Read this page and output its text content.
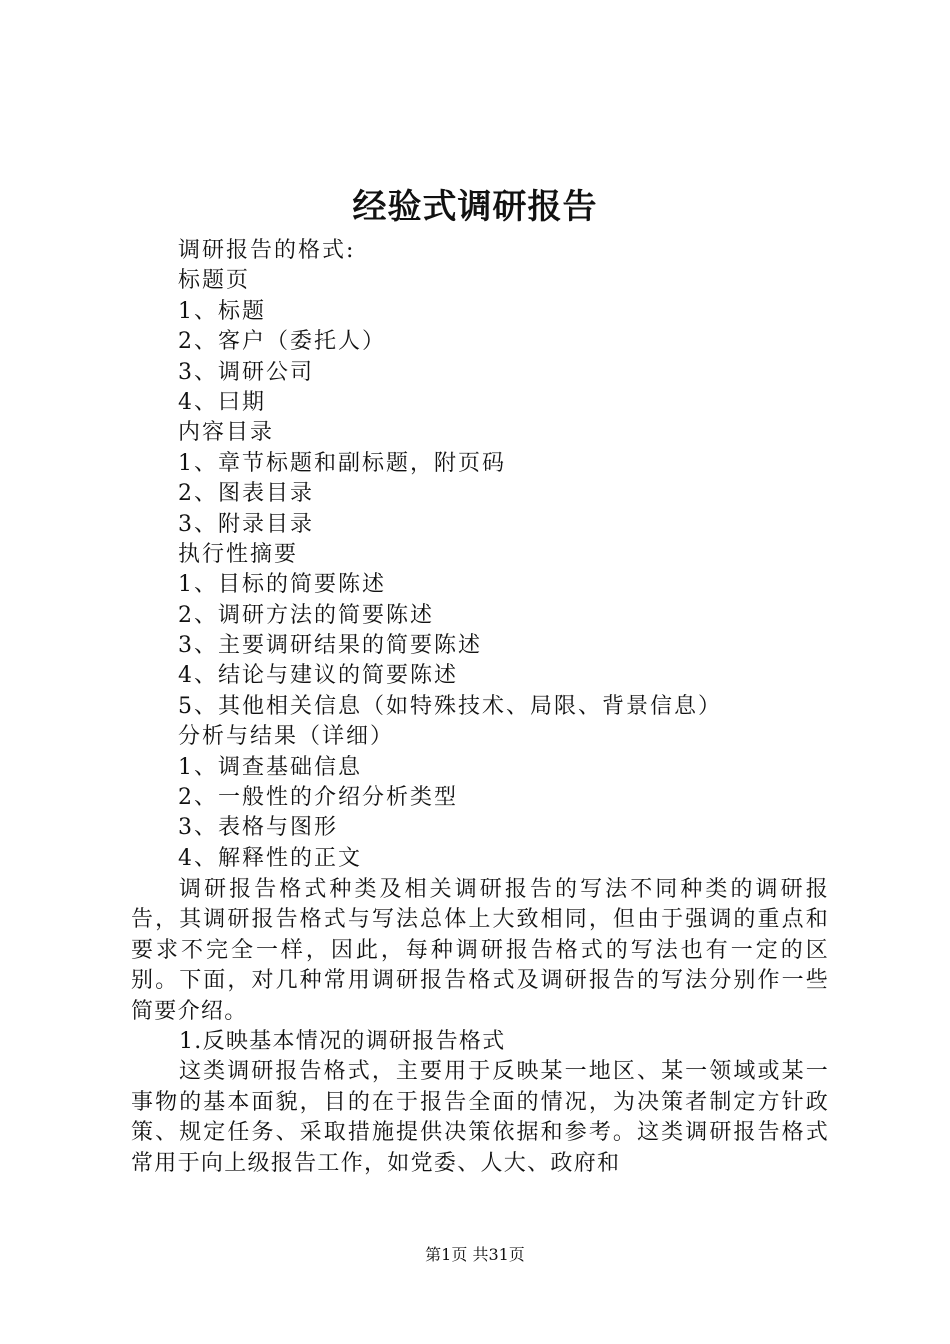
经验式调研报告
调研报告的格式:
标题页
1、标题
2、客户（委托人）
3、调研公司
4、曰期
内容目录
1、章节标题和副标题，附页码
2、图表目录
3、附录目录
执行性摘要
1、目标的简要陈述
2、调研方法的简要陈述
3、主要调研结果的简要陈述
4、结论与建议的简要陈述
5、其他相关信息（如特殊技术、局限、背景信息）
分析与结果（详细）
1、调查基础信息
2、一般性的介绍分析类型
3、表格与图形
4、解释性的正文

调研报告格式种类及相关调研报告的写法不同种类的调研报告，其调研报告格式与写法总体上大致相同，但由于强调的重点和要求不完全一样，因此，每种调研报告格式的写法也有一定的区别。下面，对几种常用调研报告格式及调研报告的写法分别作一些简要介绍。

1.反映基本情况的调研报告格式

这类调研报告格式，主要用于反映某一地区、某一领域或某一事物的基本面貌，目的在于报告全面的情况，为决策者制定方针政策、规定任务、采取措施提供决策依据和参考。这类调研报告格式常用于向上级报告工作，如党委、人大、政府和

第1页 共31页
